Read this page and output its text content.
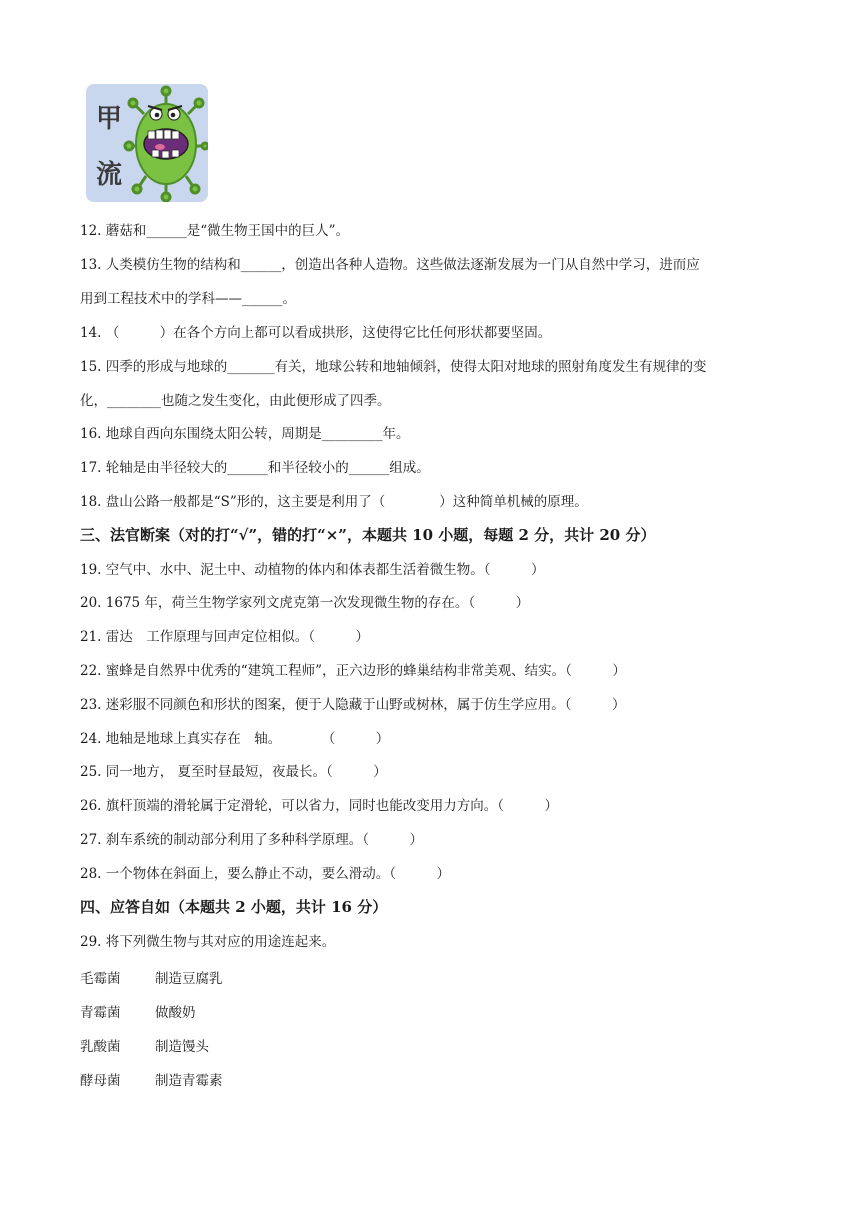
甲
流
12. 蘑菇和______是“微生物王国中的巨人”。
13. 人类模仿生物的结构和______，创造出各种人造物。这些做法逐渐发展为一门从自然中学习，进而应
用到工程技术中的学科——______。
14. （　　　）在各个方向上都可以看成拱形，这使得它比任何形状都要坚固。
15. 四季的形成与地球的_______有关，地球公转和地轴倾斜，使得太阳对地球的照射角度发生有规律的变
化，________也随之发生变化，由此便形成了四季。
16. 地球自西向东围绕太阳公转，周期是_________年。
17. 轮轴是由半径较大的______和半径较小的______组成。
18. 盘山公路一般都是“S”形的，这主要是利用了（　　　　）这种简单机械的原理。
三、法官断案（对的打“√”，错的打“×”，本题共 10 小题，每题 2 分，共计 20 分）
19. 空气中、水中、泥土中、动植物的体内和体表都生活着微生物。（　　　）
20. 1675 年，荷兰生物学家列文虎克第一次发现微生物的存在。（　　　）
21. 雷达　工作原理与回声定位相似。（　　　）
22. 蜜蜂是自然界中优秀的“建筑工程师”，正六边形的蜂巢结构非常美观、结实。（　　　）
23. 迷彩服不同颜色和形状的图案，便于人隐藏于山野或树林，属于仿生学应用。（　　　）
24. 地轴是地球上真实存在　轴。　　　　（　　　）
25. 同一地方， 夏至时昼最短，夜最长。（　　　）
26. 旗杆顶端的滑轮属于定滑轮，可以省力，同时也能改变用力方向。（　　　）
27. 刹车系统的制动部分利用了多种科学原理。（　　　）
28. 一个物体在斜面上，要么静止不动，要么滑动。（　　　）
四、应答自如（本题共 2 小题，共计 16 分）
29. 将下列微生物与其对应的用途连起来。
毛霉菌	制造豆腐乳
青霉菌	做酸奶
乳酸菌	制造馒头
酵母菌	制造青霉素
